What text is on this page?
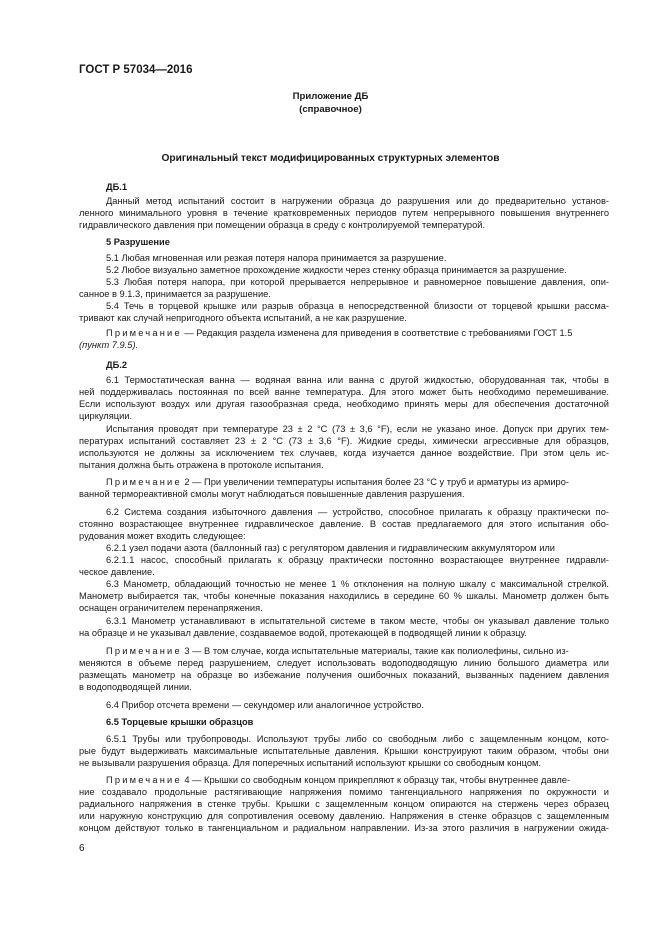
ГОСТ Р 57034—2016
Приложение ДБ
(справочное)
Оригинальный текст модифицированных структурных элементов
ДБ.1
Данный метод испытаний состоит в нагружении образца до разрушения или до предварительно установ-
ленного минимального уровня в течение кратковременных периодов путем непрерывного повышения внутреннего
гидравлического давления при помещении образца в среду с контролируемой температурой.
5 Разрушение
5.1 Любая мгновенная или резкая потеря напора принимается за разрушение.
5.2 Любое визуально заметное прохождение жидкости через стенку образца принимается за разрушение.
5.3 Любая потеря напора, при которой прерывается непрерывное и равномерное повышение давления, опи-
санное в 9.1.3, принимается за разрушение.
5.4 Течь в торцевой крышке или разрыв образца в непосредственной близости от торцевой крышки рассма-
тривают как случай непригодного объекта испытаний, а не как разрушение.
Примечание — Редакция раздела изменена для приведения в соответствие с требованиями ГОСТ 1.5
(пункт 7.9.5).
ДБ.2
6.1 Термостатическая ванна — водяная ванна или ванна с другой жидкостью, оборудованная так, чтобы в
ней поддерживалась постоянная по всей ванне температура. Для этого может быть необходимо перемешивание.
Если используют воздух или другая газообразная среда, необходимо принять меры для обеспечения достаточной
циркуляции.
Испытания проводят при температуре 23 ± 2 °С (73 ± 3,6 °F), если не указано иное. Допуск при других тем-
пературах испытаний составляет 23 ± 2 °С (73 ± 3,6 °F). Жидкие среды, химически агрессивные для образцов,
используются не должны за исключением тех случаев, когда изучается данное воздействие. При этом цель ис-
пытания должна быть отражена в протоколе испытания.
Примечание 2 — При увеличении температуры испытания более 23 °С у труб и арматуры из армиро-
ванной термореактивной смолы могут наблюдаться повышенные давления разрушения.
6.2 Система создания избыточного давления — устройство, способное прилагать к образцу практически по-
стоянно возрастающее внутреннее гидравлическое давление. В состав предлагаемого для этого испытания обо-
рудования может входить следующее:
6.2.1 узел подачи азота (баллонный газ) с регулятором давления и гидравлическим аккумулятором или
6.2.1.1 насос, способный прилагать к образцу практически постоянно возрастающее внутреннее гидравли-
ческое давление.
6.3 Манометр, обладающий точностью не менее 1 % отклонения на полную шкалу с максимальной стрелкой.
Манометр выбирается так, чтобы конечные показания находились в середине 60 % шкалы. Манометр должен быть
оснащен ограничителем перенапряжения.
6.3.1 Манометр устанавливают в испытательной системе в таком месте, чтобы он указывал давление только
на образце и не указывал давление, создаваемое водой, протекающей в подводящей линии к образцу.
Примечание 3 — В том случае, когда испытательные материалы, такие как полиолефины, сильно из-
меняются в объеме перед разрушением, следует использовать водоподводящую линию большого диаметра или
размещать манометр на образце во избежание получения ошибочных показаний, вызванных падением давления
в водоподводящей линии.
6.4 Прибор отсчета времени — секундомер или аналогичное устройство.
6.5 Торцевые крышки образцов
6.5.1 Трубы или трубопроводы. Используют трубы либо со свободным либо с защемленным концом, кото-
рые будут выдерживать максимальные испытательные давления. Крышки конструируют таким образом, чтобы они
не вызывали разрушения образца. Для поперечных испытаний используют крышки со свободным концом.
Примечание 4 — Крышки со свободным концом прикрепляют к образцу так, чтобы внутреннее давле-
ние создавало продольные растягивающие напряжения помимо тангенциального напряжения по окружности и
радиального напряжения в стенке трубы. Крышки с защемленным концом опираются на стержень через образец
или наружную конструкцию для сопротивления осевому давлению. Напряжения в стенке образцов с защемленным
концом действуют только в тангенциальном и радиальном направлении. Из-за этого различия в нагружении ожида-
6
